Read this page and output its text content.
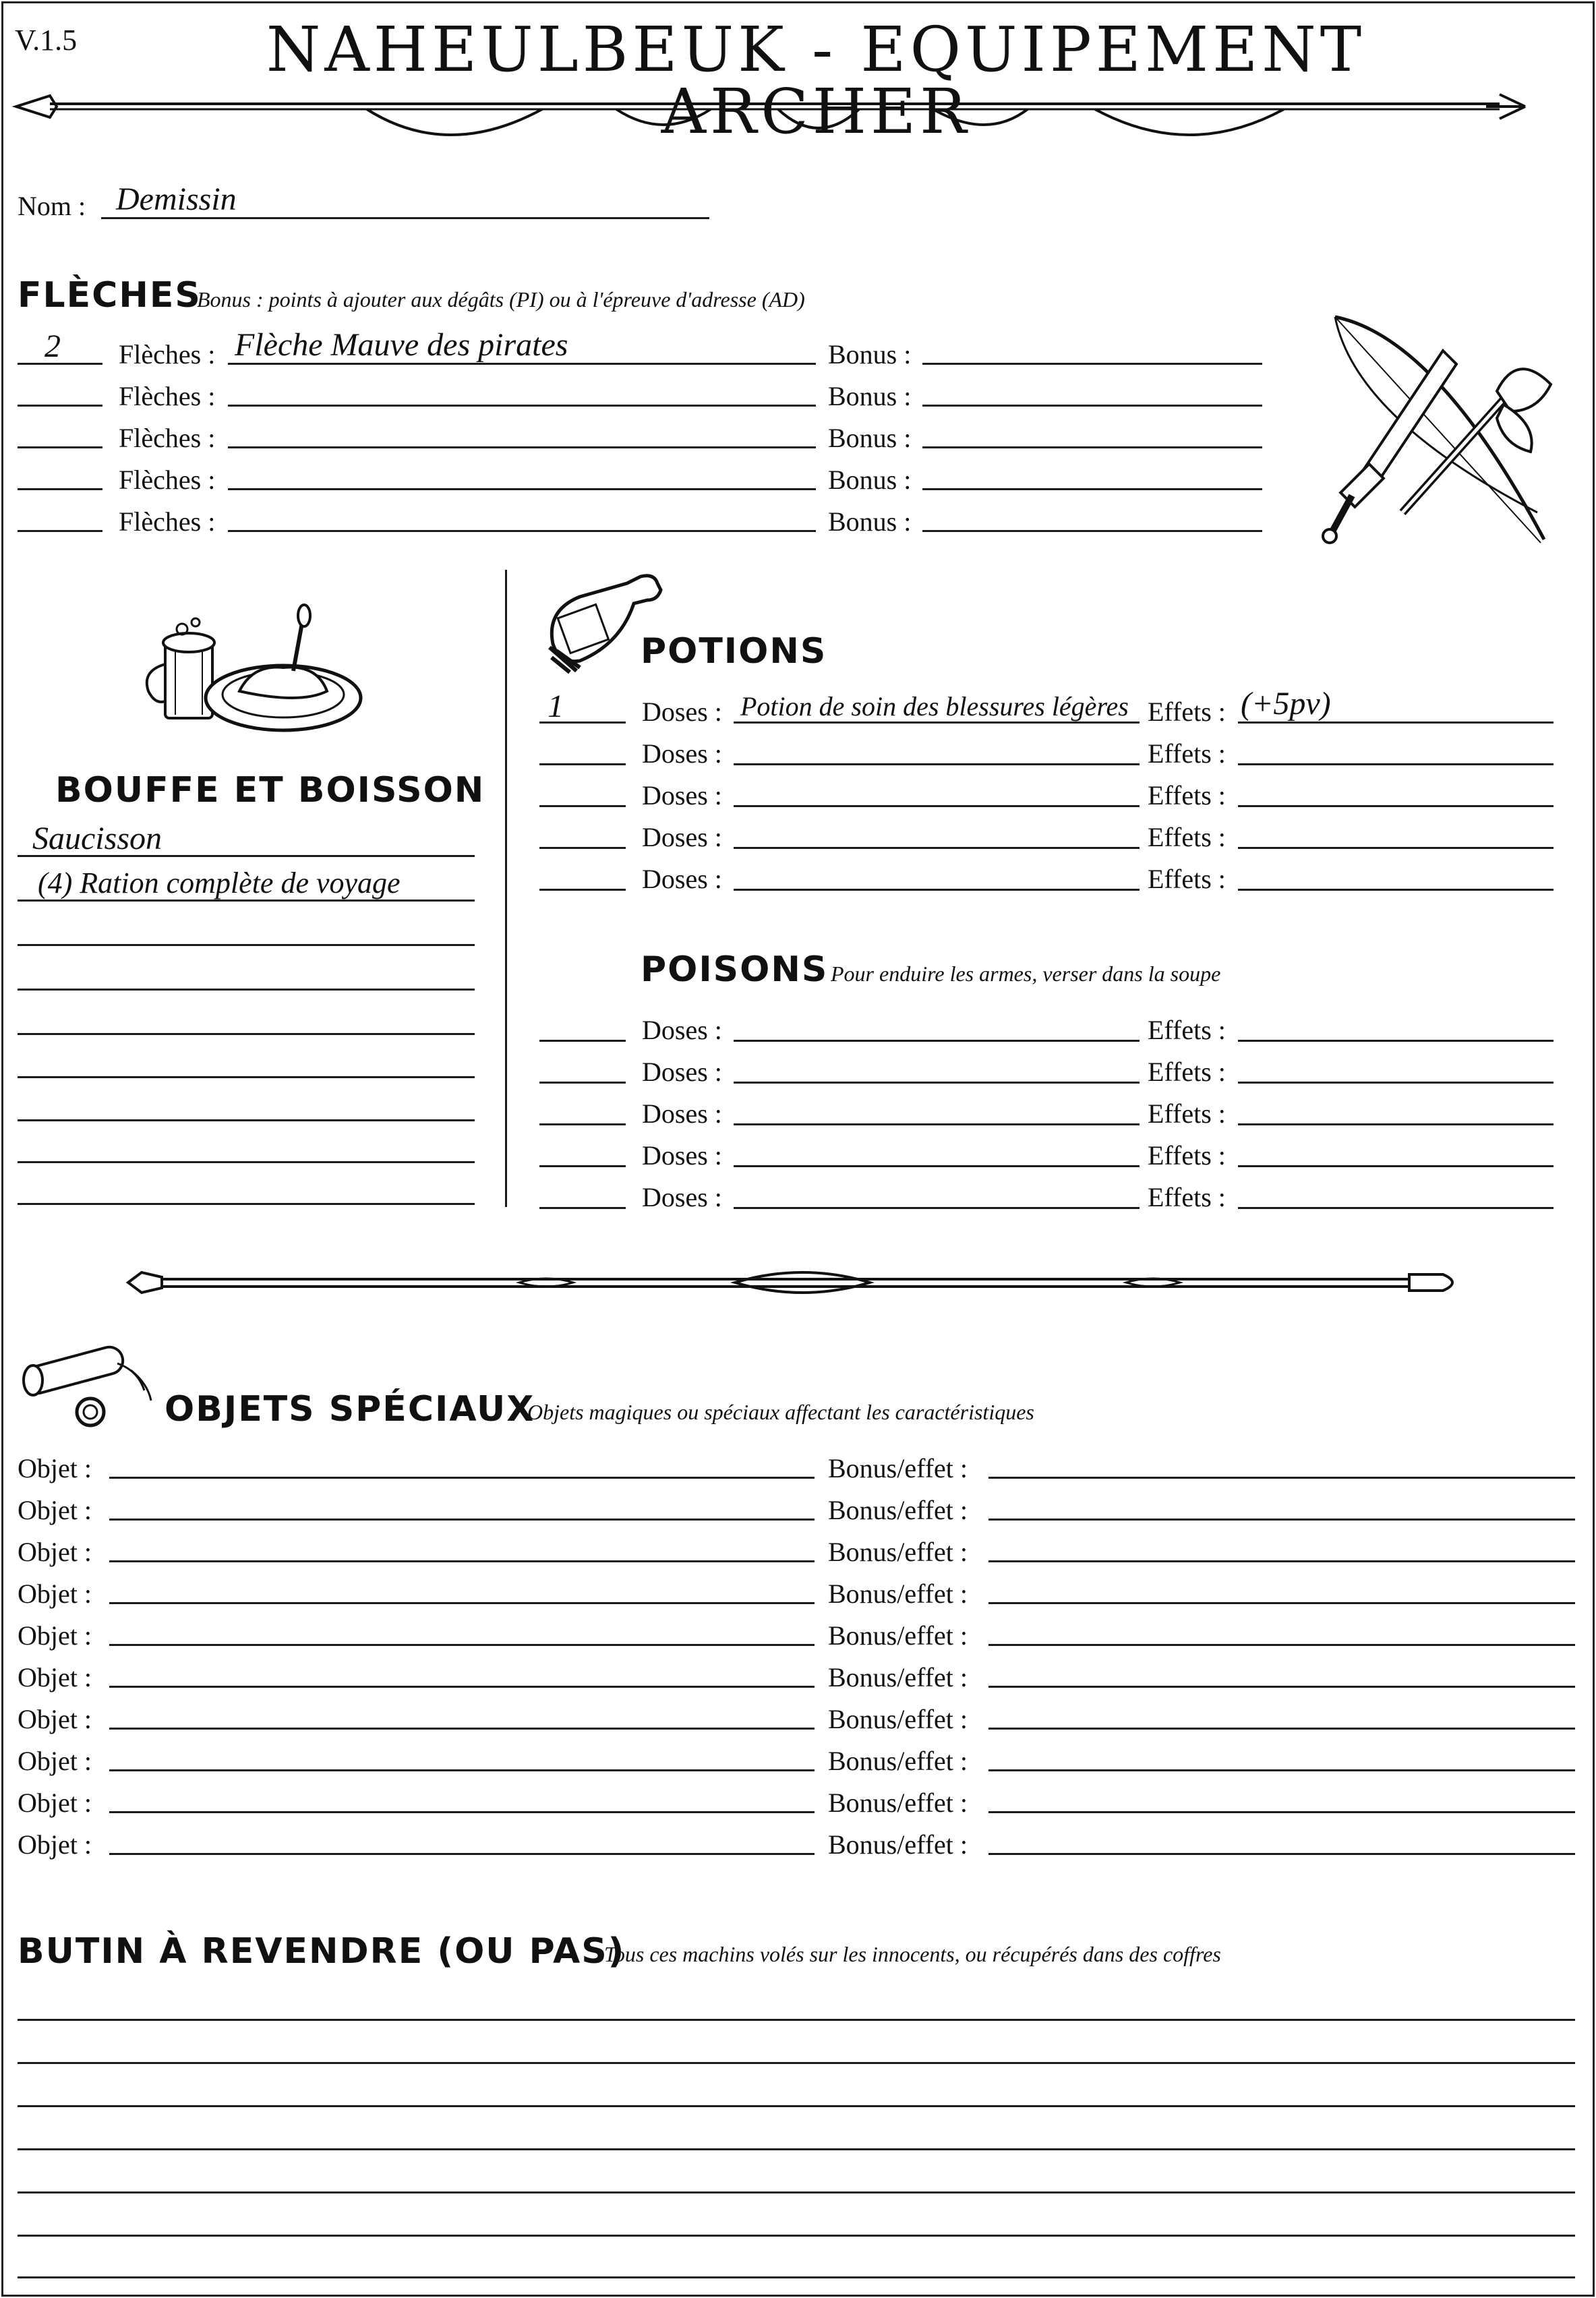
V.1.5	NAHEULBEUK - EQUIPEMENT ARCHER
Nom : Demissin
FLÈCHES
Bonus : points à ajouter aux dégâts (PI) ou à l'épreuve d'adresse (AD)
2 Flèches : Flèche Mauve des pirates	Bonus :
Flèches :	Bonus :
Flèches :	Bonus :
Flèches :	Bonus :
Flèches :	Bonus :
BOUFFE ET BOISSON
Saucisson
(4) Ration complète de voyage
POTIONS
1	Doses : Potion de soin des blessures légères Effets : (+5pv)
Doses :	Effets :
Doses :	Effets :
Doses :	Effets :
Doses :	Effets :
POISONS Pour enduire les armes, verser dans la soupe
Doses :	Effets :
Doses :	Effets :
Doses :	Effets :
Doses :	Effets :
Doses :	Effets :
OBJETS SPÉCIAUX
Objets magiques ou spéciaux affectant les caractéristiques
Objet :	Bonus/effet :
Objet :	Bonus/effet :
Objet :	Bonus/effet :
Objet :	Bonus/effet :
Objet :	Bonus/effet :
Objet :	Bonus/effet :
Objet :	Bonus/effet :
Objet :	Bonus/effet :
Objet :	Bonus/effet :
Objet :	Bonus/effet :
BUTIN À REVENDRE (OU PAS)
Tous ces machins volés sur les innocents, ou récupérés dans des coffres
